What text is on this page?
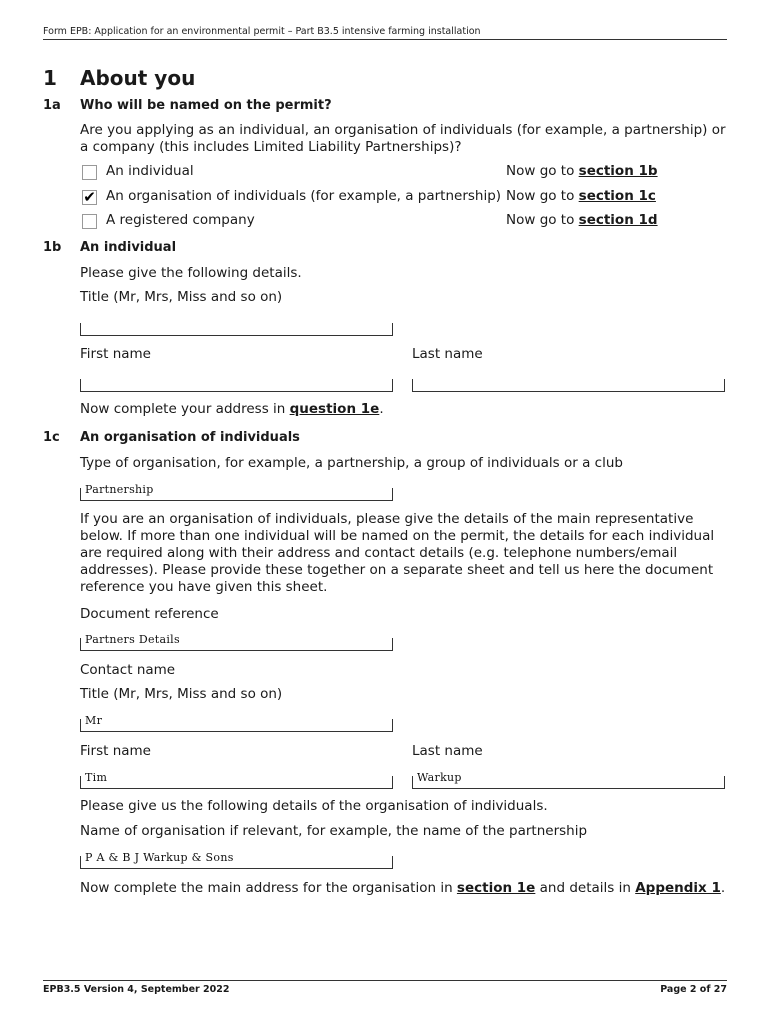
Form EPB: Application for an environmental permit – Part B3.5 intensive farming installation
1 About you
1a Who will be named on the permit?
Are you applying as an individual, an organisation of individuals (for example, a partnership) or a company (this includes Limited Liability Partnerships)?
An individual	Now go to section 1b
✔ An organisation of individuals (for example, a partnership) Now go to section 1c
A registered company	Now go to section 1d
1b An individual
Please give the following details.
Title (Mr, Mrs, Miss and so on)
First name	Last name
Now complete your address in question 1e.
1c An organisation of individuals
Type of organisation, for example, a partnership, a group of individuals or a club
Partnership
If you are an organisation of individuals, please give the details of the main representative below. If more than one individual will be named on the permit, the details for each individual are required along with their address and contact details (e.g. telephone numbers/email addresses). Please provide these together on a separate sheet and tell us here the document reference you have given this sheet.
Document reference
Partners Details
Contact name
Title (Mr, Mrs, Miss and so on)
Mr
First name	Last name
Tim	Warkup
Please give us the following details of the organisation of individuals.
Name of organisation if relevant, for example, the name of the partnership
P A & B J Warkup & Sons
Now complete the main address for the organisation in section 1e and details in Appendix 1.
EPB3.5 Version 4, September 2022	Page 2 of 27
